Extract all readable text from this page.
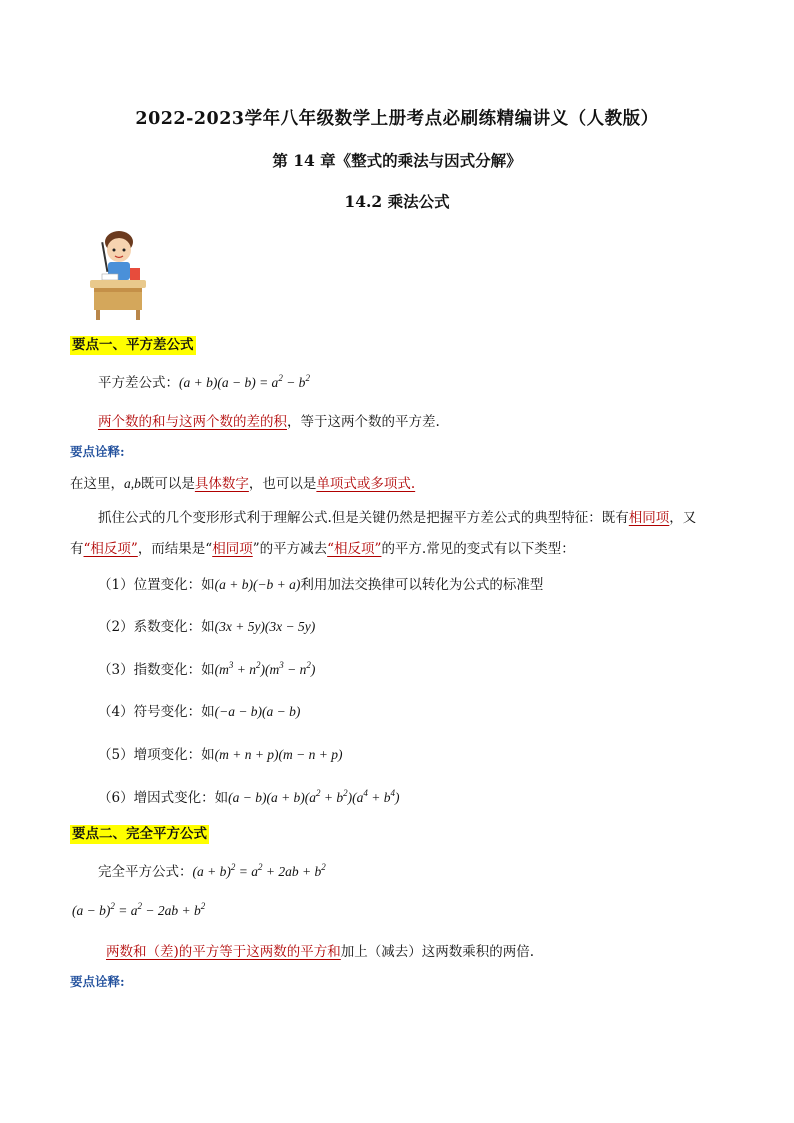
2022-2023学年八年级数学上册考点必刷练精编讲义（人教版）
第 14 章《整式的乘法与因式分解》
14.2 乘法公式
要点一、平方差公式
平方差公式：$(a + b)(a - b) = a^2 - b^2$
两个数的和与这两个数的差的积，等于这两个数的平方差.
要点诠释:
在这里，a,b既可以是具体数字，也可以是单项式或多项式.
抓住公式的几个变形形式利于理解公式.但是关键仍然是把握平方差公式的典型特征：既有相同项，又
有“相反项”，而结果是“相同项”的平方减去“相反项”的平方.常见的变式有以下类型：
（1）位置变化：如(a + b)(−b + a)利用加法交换律可以转化为公式的标准型
（2）系数变化：如(3x + 5y)(3x − 5y)
（3）指数变化：如$(m^3 + n^2)(m^3 - n^2)$
（4）符号变化：如(−a − b)(a − b)
（5）增项变化：如(m + n + p)(m − n + p)
（6）增因式变化：如$(a - b)(a + b)(a^2 + b^2)(a^4 + b^4)$
要点二、完全平方公式
完全平方公式：$(a + b)^2 = a^2 + 2ab + b^2$
$(a - b)^2 = a^2 - 2ab + b^2$
两数和（差)的平方等于这两数的平方和加上（减去）这两数乘积的两倍.
要点诠释:
